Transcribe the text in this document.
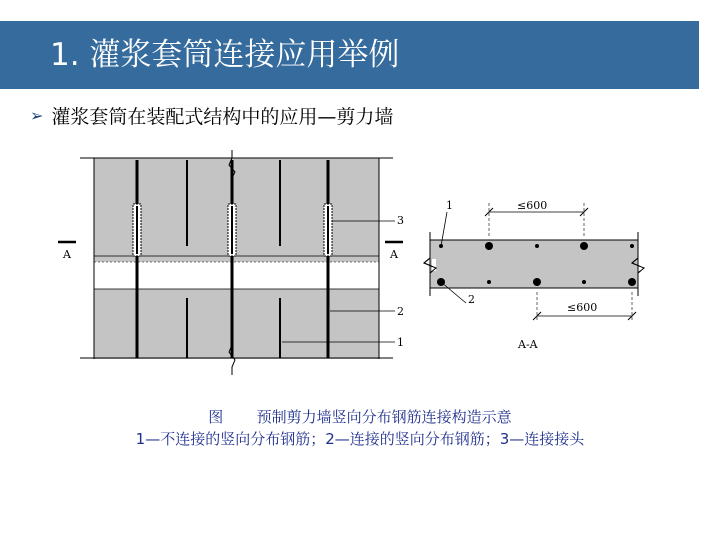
1. 灌浆套筒连接应用举例
➢ 灌浆套筒在装配式结构中的应用—剪力墙
A	A
3
2
1
≤600
≤600
1
2
A-A
图       预制剪力墙竖向分布钢筋连接构造示意
1—不连接的竖向分布钢筋；2—连接的竖向分布钢筋；3—连接接头
